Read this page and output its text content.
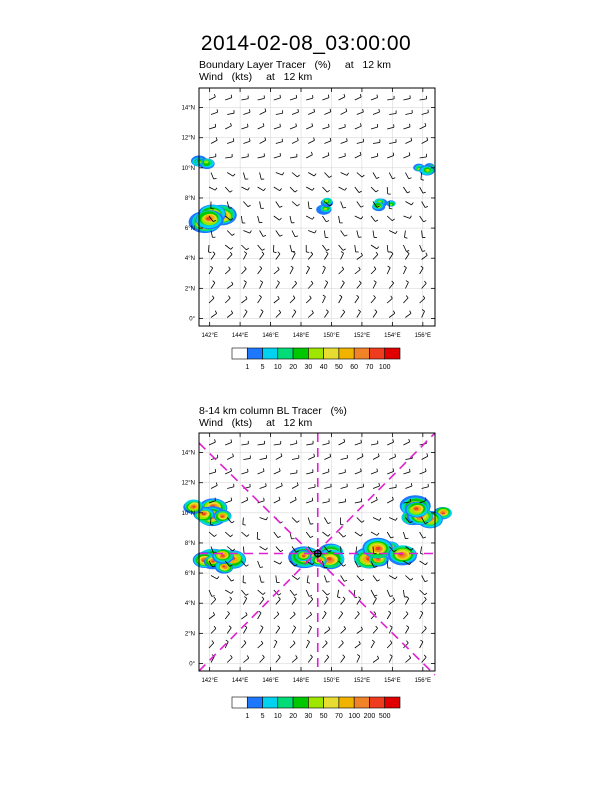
2014-02-08_03:00:00
Boundary Layer Tracer   (%) at   12 km
Wind   (kts) at   12 km
8-14 km column BL Tracer   (%)
Wind   (kts) at   12 km
142°E 144°E 146°E 148°E 150°E 152°E 154°E 156°E
0°
2°N
4°N
6°N
8°N
10°N
12°N
14°N
1 5 10 20 30 40 50 60 70 100
142°E 144°E 146°E 148°E 150°E 152°E 154°E 156°E
0°
2°N
4°N
6°N
8°N
10°N
12°N
14°N
1 5 10 20 30 50 70 100 200 500
